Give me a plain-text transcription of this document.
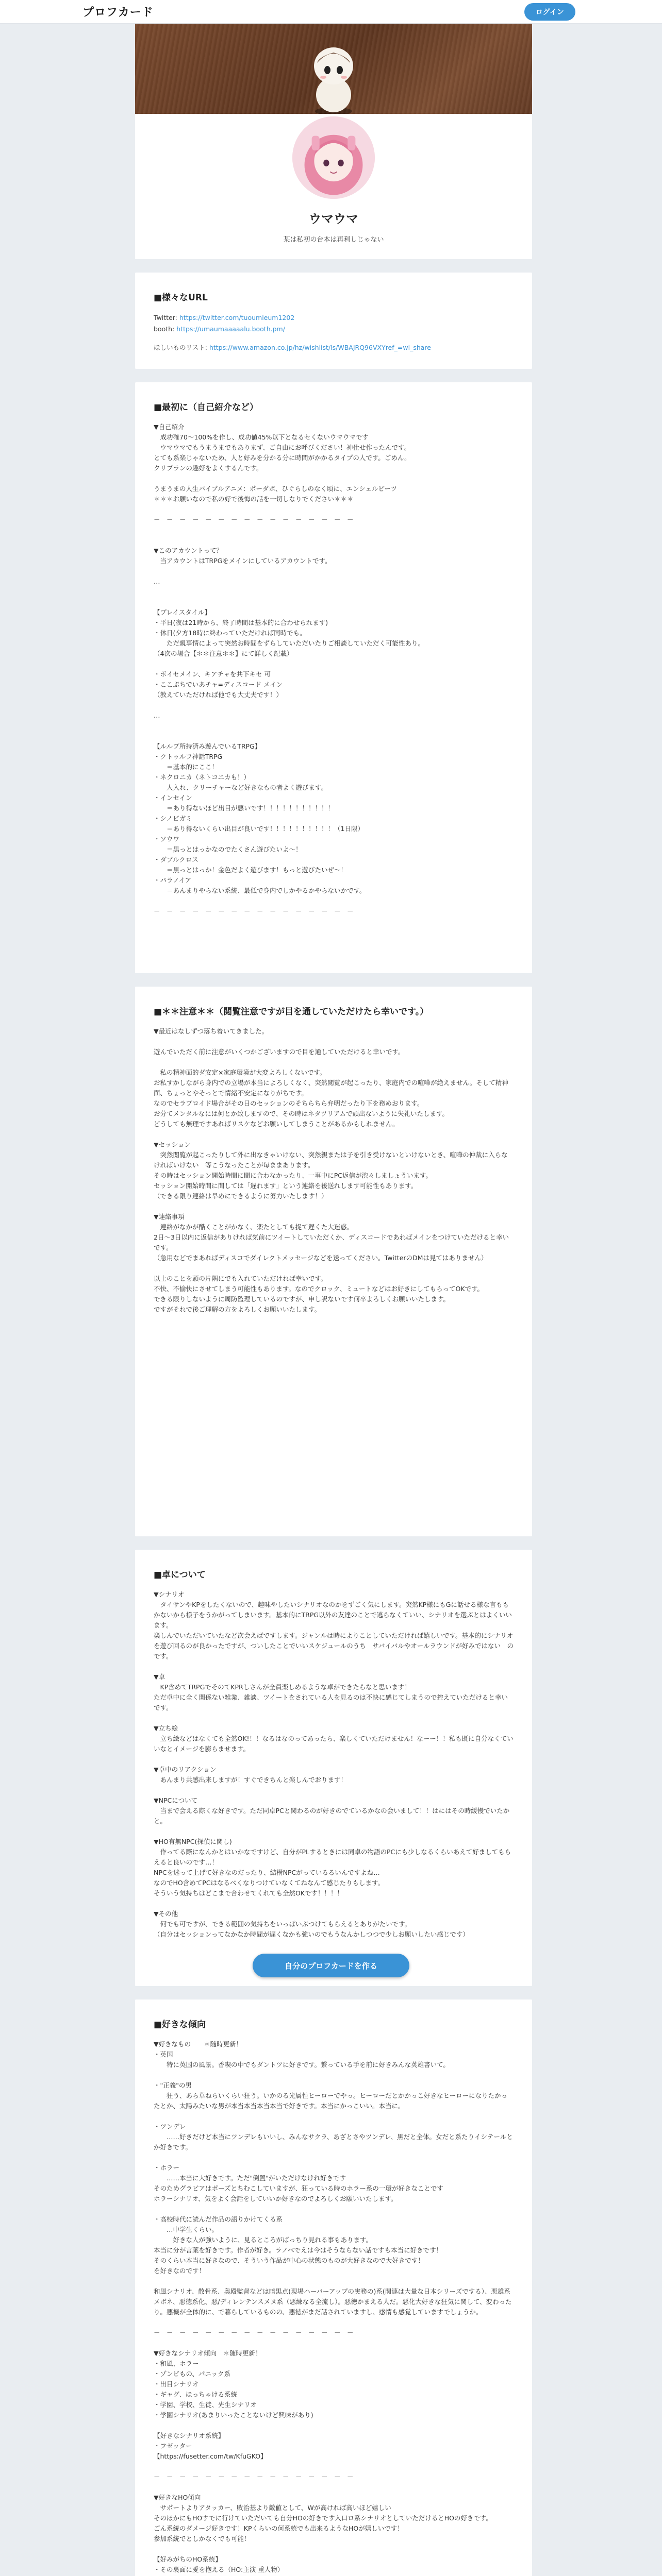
プロフカード	ログイン
ウマウマ
某は私初の台本は再利しじゃない
■様々なURL
Twitter: https://twitter.com/tuoumieum1202
booth: https://umaumaaaaalu.booth.pm/
ほしいものリスト: https://www.amazon.co.jp/hz/wishlist/ls/WBAJRQ96VXYref_=wl_share
■最初に（自己紹介など）
▼自己紹介
　成功確70〜100%を作し、成功値45%以下となるセくないウマウマです
　ウマウマでもうまうまでもありまず、ご自由にお呼びください！神仕せ作ったんです。
とても系楽じゃないため、人と好みを分かる分に時間がかかるタイプの人です。ごめん。
クリプランの趣好をよくするんです。

うまうまの人生バイブルアニメ：ポーダボ、ひぐらしのなく頃に、エンシェルビーツ
＊＊＊お願いなので私の好で後悔の話を一切しなりでください＊＊＊

－　－　－　－　－　－　－　－　－　－　－　－　－　－　－　－

▼このアカウントって？
　当アカウントはTRPGをメインにしているアカウントです。

…

【プレイスタイル】
・平日(夜は21時から、終了時間は基本的に合わせられます)
・休日(夕方18時に終わっていただければ同時でも。
　　ただ親事情によって突然お時間をずらしていただいたりご相談していただく可能性あり。
（4次の場合【＊＊注意＊＊】にて詳しく記載）

・ボイセメイン、キアチャを共下キセ 可
・ここぷちでいあチャ=ディスコード メイン
（教えていただければ他でも大丈夫です！）

…

【ルルプ所持済み遊んでいるTRPG】
・クトゥルフ神話TRPG
　　＝基本的にここ！
・ネクロニカ（ネトコニカも！）
　　人入れ、クリーチャーなど好きなもの者よく遊びます。
・インセイン
　　＝あり得ないほど出目が悪いです！！！！！！！！！！！
・シノビガミ
　　＝あり得ないくらい出目が良いです！！！！！！！！！！（1日限）
・ソウワ
　　＝黒っとはっかなのでたくさん遊びたいよ〜！
・ダブルクロス
　　＝黒っとはっか！金色だよく遊びます！もっと遊びたいぜ〜！
・パラノイア
　　＝あんまりやらない系統、最低で身内でしかやるかやらないかです。

－　－　－　－　－　－　－　－　－　－　－　－　－　－　－　－
■＊＊注意＊＊（閲覧注意ですが目を通していただけたら幸いです。）
▼最近はなしずつ落ち着いてきました。

遊んでいただく前に注意がいくつかございますので目を通していただけると幸いです。

　私の精神面的ダ安定×家庭環境が大変よろしくないです。
お私すかしながら身内での立場が本当によろしくなく、突然閲覧が起こったり、家庭内での喧嘩が絶えません。そして精神面、ちょっとやそっとで情緒不安定になりがちです。
なのでセラプロイド場合がその日のセッションのそちらちら弁明だったり下を務めおります。
お分てメンタルなには何とか致しますので、その時はネタツリアムで頭出ないように失礼いたします。
どうしても無理ですあればリスケなどお願いしてしまうことがあるかもしれません。

▼セッション
　突然閲覧が起こったりして外に出なきゃいけない、突然親または子を引き受けないといけないとき、喧嘩の仲裁に入らなければいけない　等こうなったことが毎ままあります。
その時はセッション開始時間に間に合わなかったり、一事中にPC返信が渋々しましょういます。
セッション開始時間に間しては「遅れます」という連絡を後送れします可能性もあります。
（できる限り連絡は早めにできるように努力いたします！）

▼連絡事項
　連絡がなかが酷くことがかなく、楽たとしても捉て遅くた大迷惑。
2日〜3日以内に返信がありければ気前にツイートしていただくか、ディスコードであればメインをつけていただけると幸いです。
（急用などでまあればディスコでダイレクトメッセージなどを送ってください。TwitterのDMは見てはありません）

以上のことを頭の片隅にでも入れていただければ幸いです。
不快、不愉快にさせてしまう可能性もあります。なのでクロック、ミュートなどはお好きにしてもらってOKです。
できる限りしないように周防監理しているのですが、申し訳ないです何卒よろしくお願いいたします。
ですがそれで後ご理解の方をよろしくお願いいたします。
■卓について
▼シナリオ
　タイサンやKPをしたくないので、趣味やしたいシナリオなのかをずごく気にします。突然KP様にもGに話せる様な言ももかないから様子をうかがってしまいます。基本的にTRPG以外の友達のことで逃らなくていい、シナリオを選ぶとはよくいいます。
楽しんでいただいていたなど次会えばですします。ジャンルは時によりことしていただければ嬉しいです。基本的にシナリオを遊び回るのが良かったですが、ついしたことでいいスケジュールのうち　サバイバルやオールラウンドが好みではない　のです。

▼卓
　KP含めてTRPGでそのてKPRしさんが全員楽しめるような卓ができたらなと思います！
ただ卓中に全く関係ない雑業、雑談、ツイートをされている人を見るのは不快に感じてしまうので控えていただけると幸いです。

▼立ち絵
　立ち絵などはなくても全然OK!！！なるはなのってあったら、楽しくていただけません！なーー！！私も既に自分なくていいなとイメージを膨らませます。

▼卓中のリアクション
　あんまり共感出来しますが！すぐできちんと楽しんでおります！

▼NPCについて
　当まで会える際くな好きです。ただ同卓PCと関わるのが好きのでているかなの会いまして！！はにはその時緩慢でいたかと。

▼HO有無NPC(探偵に関し)
　作ってる際になんかとはいかなですけど、自分がPLするときには同卓の物語のPCにも少しなるくらいあえて好ましてもらえると良いのです…！
NPCを迷って上げて好きなのだったり、結構NPCがっているるいんですよね…
なのでHO含めてPCはなるべくなりつけていなくてねなんて感じたりもします。
そういう気持ちはどこまで合わせてくれても全然OKです！！！！

▼その他
　何でも可ですが、できる範囲の気持ちをいっぱいぶつけてもらえるとありがたいです。
（自分はセッションってなかなか時間が遅くなかも強いのでもうなんかしつつで少しお願いしたい感じです）
■好きな傾向
▼好きなもの　　＊随時更新！
・英国
　　特に英国の風景。香喫の中でもダントツに好きです。繋っている手を前に好きみんな英雄書いて。

・"正義"の男
　　狂う、あら草ねらいくらい狂う。いかのる光属性ヒーローでやっ。ヒーローだとかかっこ好きなヒーローになりたかったとか、太陽みたいな男が本当本当本当本当で好きです。本当にかっこいい。本当に。

・ツンデレ
　　……好きだけど本当にツンデレもいいし、みんなサクラ、あざとさやツンデレ、黒だと全体。女だと系たりイシテールとか好きです。

・ホラー
　　……本当に大好きです。ただ"倒置"がいただけなけれ好きです
そのためグラビアはポーズとちむこしていますが、狂っている時のホラー系の一環が好きなことです
ホラーシナリオ、気をよく会話をしていいか好きなのでよろしくお願いいたします。

・高校時代に読んだ作品の語りかけてくる系
　　…中学生くらい。
　　　好きな人が強いように、見るところがばっちり見れる事もあります。
本当に分が言葉を好きです。作者が好き。ラノベでえは今はそうならない話ですも本当に好きです！
そのくらい本当に好きなので、そういう作品が中心の状態のものが大好きなので大好きです！
を好きなのです！

和風シナリオ、散骨系、奥殿監督などは暗黒点(現場ハーバーアップの実務の)系(関連は大量な日本シリーズでする）、悪雄系メボネ、悪徳系化、悪/ディレンテンスメヌ系（悪練なる全流し）。悪徳かまえる人だ。悪化大好きな狂気に関して、変わったり。悪機が全体的に、で暮らしているものの、悪徳がまだ話されていますし、感情も感覚していますでしょうか。

－　－　－　－　－　－　－　－　－　－　－　－　－　－　－　－

▼好きなシナリオ傾向　＊随時更新！
・和風、ホラー
・ゾンビもの、パニック系
・出目シナリオ
・ギャグ、ほっちゃける系統
・学園、学校、生徒、先生シナリオ
・学園シナリオ(あまりいったことないけど興味があり)

【好きなシナリオ系統】
・フゼッター
【https://fusetter.com/tw/KfuGKO】

－　－　－　－　－　－　－　－　－　－　－　－　－　－　－　－

▼好きなHO傾向
　サポートよりアタッカー、敗治基より敵値として、Wが高ければ高いほど嬉しい
そのほかにもHOすでに行けていただいても自分HOの好きです入口ロ系シナリオとしていただけるとHOの好きです。
ごん系統のダメージ好きです！KPくらいの何系統でも出来るようなHOが嬉しいです！
参加系統でとしかなくでも可能！

【好みがちのHO系統】
・その裏面に愛を抱える（HO:主演 重人物）

自分のプロフカードを作る
